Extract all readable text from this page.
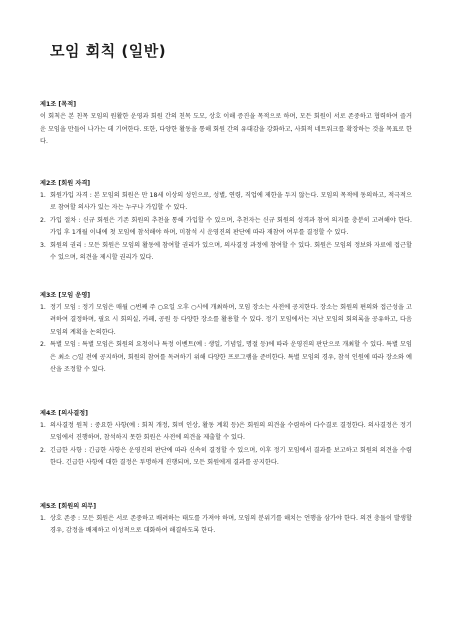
모임 회칙 (일반)
제1조 [목적]

이 회칙은 본 친목 모임의 원활한 운영과 회원 간의 친목 도모, 상호 이해 증진을 목적으로 하며, 모든 회원이 서로 존중하고 협력하여 즐거운 모임을 만들어 나가는 데 기여한다. 또한, 다양한 활동을 통해 회원 간의 유대감을 강화하고, 사회적 네트워크를 확장하는 것을 목표로 한다.

제2조 [회원 자격]
1. 회원가입 자격 : 본 모임의 회원은 만 18세 이상의 성인으로, 성별, 연령, 직업에 제한을 두지 않는다. 모임의 목적에 동의하고, 적극적으로 참여할 의사가 있는 자는 누구나 가입할 수 있다.
2. 가입 절차 : 신규 회원은 기존 회원의 추천을 통해 가입할 수 있으며, 추천자는 신규 회원의 성격과 참여 의지를 충분히 고려해야 한다. 가입 후 1개월 이내에 첫 모임에 참석해야 하며, 미참석 시 운영진의 판단에 따라 재참여 여부를 결정할 수 있다.
3. 회원의 권리 : 모든 회원은 모임의 활동에 참여할 권리가 있으며, 의사결정 과정에 참여할 수 있다. 회원은 모임의 정보와 자료에 접근할 수 있으며, 의견을 제시할 권리가 있다.
제3조 [모임 운영]
1. 정기 모임 : 정기 모임은 매월 ○번째 주 ○요일 오후 ○시에 개최하며, 모임 장소는 사전에 공지한다. 장소는 회원의 편의와 접근성을 고려하여 결정하며, 필요 시 회의실, 카페, 공원 등 다양한 장소를 활용할 수 있다. 정기 모임에서는 지난 모임의 회의록을 공유하고, 다음 모임의 계획을 논의한다.
2. 특별 모임 : 특별 모임은 회원의 요청이나 특정 이벤트(예 : 생일, 기념일, 명절 등)에 따라 운영진의 판단으로 개최할 수 있다. 특별 모임은 최소 ○일 전에 공지하며, 회원의 참여를 독려하기 위해 다양한 프로그램을 준비한다. 특별 모임의 경우, 참석 인원에 따라 장소와 예산을 조정할 수 있다.
제4조 [의사결정]
1. 의사결정 원칙 : 중요한 사항(예 : 회칙 개정, 회비 인상, 활동 계획 등)은 회원의 의견을 수렴하여 다수결로 결정한다. 의사결정은 정기 모임에서 진행하며, 참석하지 못한 회원은 사전에 의견을 제출할 수 있다.
2. 긴급한 사항 : 긴급한 사항은 운영진의 판단에 따라 신속히 결정할 수 있으며, 이후 정기 모임에서 결과를 보고하고 회원의 의견을 수렴한다. 긴급한 사항에 대한 결정은 투명하게 진행되며, 모든 회원에게 결과를 공지한다.
제5조 [회원의 의무]
1. 상호 존중 : 모든 회원은 서로 존중하고 배려하는 태도를 가져야 하며, 모임의 분위기를 해치는 언행을 삼가야 한다. 의견 충돌이 발생할 경우, 감정을 배제하고 이성적으로 대화하여 해결하도록 한다.
